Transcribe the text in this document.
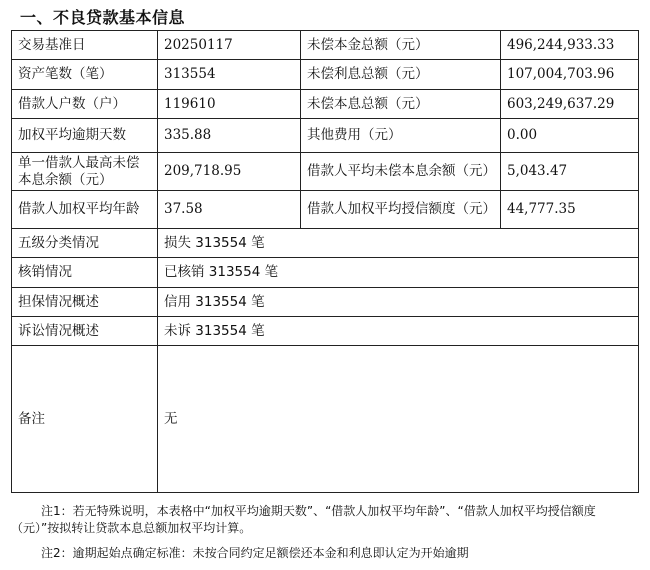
一、不良贷款基本信息
交易基准日	20250117	未偿本金总额（元）	496,244,933.33
资产笔数（笔）	313554	未偿利息总额（元）	107,004,703.96
借款人户数（户）	119610	未偿本息总额（元）	603,249,637.29
加权平均逾期天数	335.88	其他费用（元）	0.00
单一借款人最高未偿本息余额（元）	209,718.95	借款人平均未偿本息余额（元）	5,043.47
借款人加权平均年龄	37.58	借款人加权平均授信额度（元）	44,777.35
五级分类情况	损失 313554 笔		
核销情况	已核销 313554 笔		
担保情况概述	信用 313554 笔		
诉讼情况概述	未诉 313554 笔		
备注	无		

注1：若无特殊说明，本表格中“加权平均逾期天数”、“借款人加权平均年龄”、“借款人加权平均授信额度（元）”按拟转让贷款本息总额加权平均计算。

注2：逾期起始点确定标准：未按合同约定足额偿还本金和利息即认定为开始逾期
